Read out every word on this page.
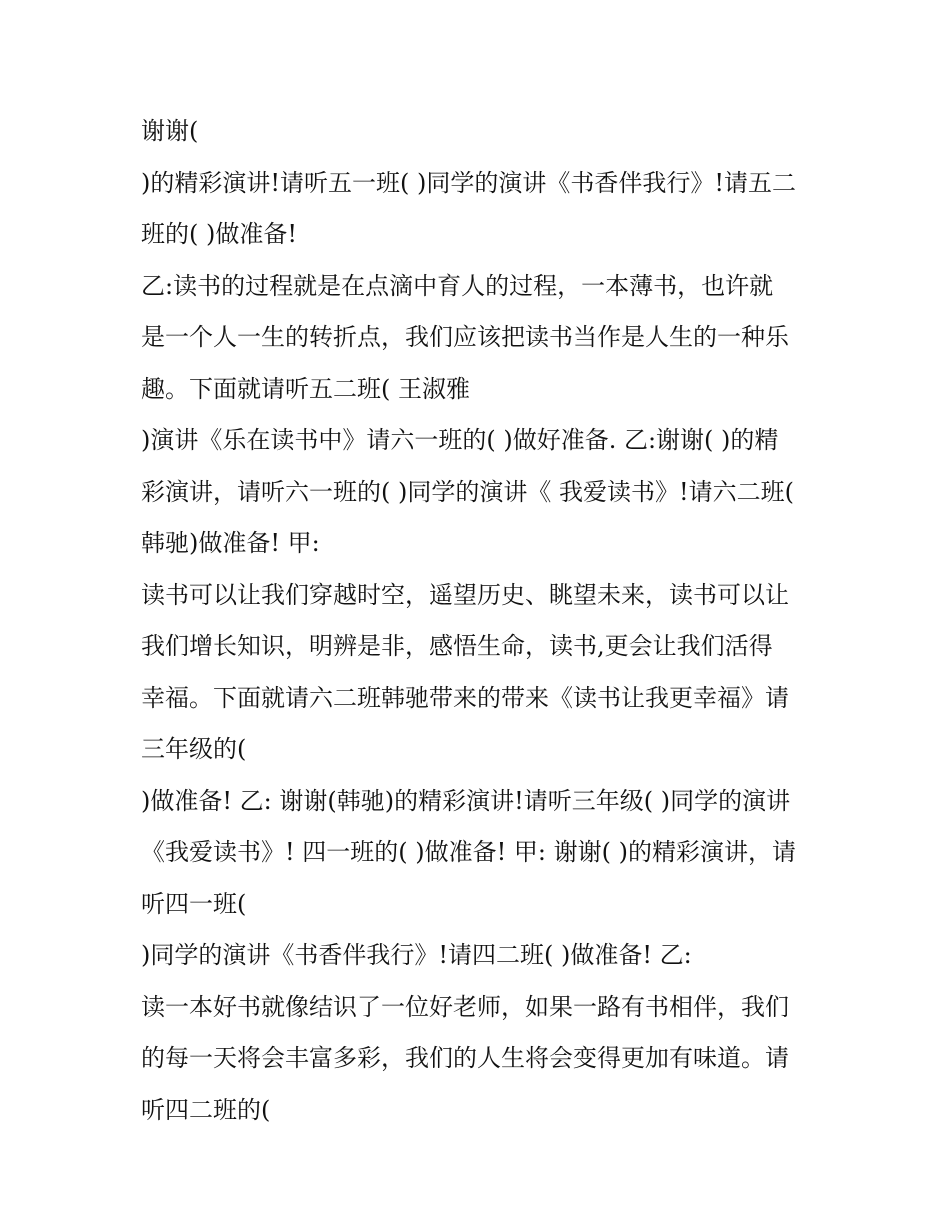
谢谢(
)的精彩演讲!请听五一班( )同学的演讲《书香伴我行》!请五二
班的( )做准备!
乙:读书的过程就是在点滴中育人的过程，一本薄书，也许就
是一个人一生的转折点，我们应该把读书当作是人生的一种乐
趣。下面就请听五二班( 王淑雅
)演讲《乐在读书中》请六一班的( )做好准备. 乙:谢谢( )的精
彩演讲，请听六一班的( )同学的演讲《 我爱读书》!请六二班(
韩驰)做准备! 甲:
读书可以让我们穿越时空，遥望历史、眺望未来，读书可以让
我们增长知识，明辨是非，感悟生命，读书,更会让我们活得
幸福。下面就请六二班韩驰带来的带来《读书让我更幸福》请
三年级的(
)做准备! 乙: 谢谢(韩驰)的精彩演讲!请听三年级( )同学的演讲
《我爱读书》! 四一班的( )做准备! 甲: 谢谢( )的精彩演讲，请
听四一班(
)同学的演讲《书香伴我行》!请四二班( )做准备! 乙:
读一本好书就像结识了一位好老师，如果一路有书相伴，我们
的每一天将会丰富多彩，我们的人生将会变得更加有味道。请
听四二班的(
